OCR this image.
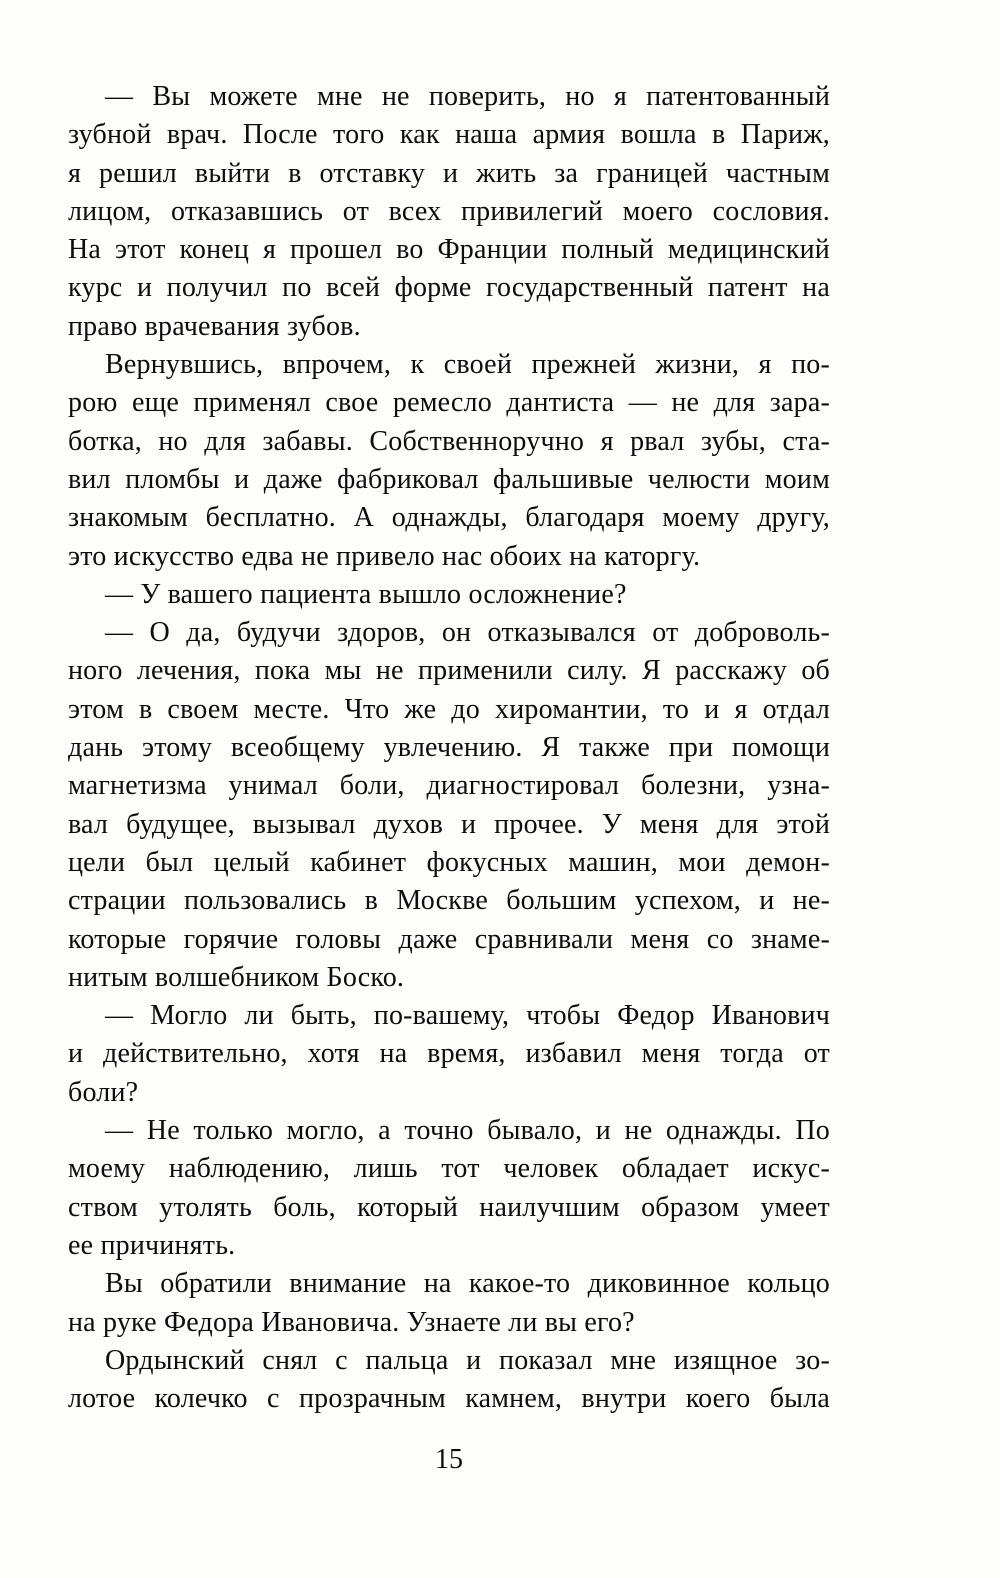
— Вы можете мне не поверить, но я патентованный
зубной врач. После того как наша армия вошла в Париж,
я решил выйти в отставку и жить за границей частным
лицом, отказавшись от всех привилегий моего сословия.
На этот конец я прошел во Франции полный медицинский
курс и получил по всей форме государственный патент на
право врачевания зубов.
Вернувшись, впрочем, к своей прежней жизни, я по-
рою еще применял свое ремесло дантиста — не для зара-
ботка, но для забавы. Собственноручно я рвал зубы, ста-
вил пломбы и даже фабриковал фальшивые челюсти моим
знакомым бесплатно. А однажды, благодаря моему другу,
это искусство едва не привело нас обоих на каторгу.
— У вашего пациента вышло осложнение?
— О да, будучи здоров, он отказывался от доброволь-
ного лечения, пока мы не применили силу. Я расскажу об
этом в своем месте. Что же до хиромантии, то и я отдал
дань этому всеобщему увлечению. Я также при помощи
магнетизма унимал боли, диагностировал болезни, узна-
вал будущее, вызывал духов и прочее. У меня для этой
цели был целый кабинет фокусных машин, мои демон-
страции пользовались в Москве большим успехом, и не-
которые горячие головы даже сравнивали меня со знаме-
нитым волшебником Боско.
— Могло ли быть, по-вашему, чтобы Федор Иванович
и действительно, хотя на время, избавил меня тогда от
боли?
— Не только могло, а точно бывало, и не однажды. По
моему наблюдению, лишь тот человек обладает искус-
ством утолять боль, который наилучшим образом умеет
ее причинять.
Вы обратили внимание на какое-то диковинное кольцо
на руке Федора Ивановича. Узнаете ли вы его?
Ордынский снял с пальца и показал мне изящное зо-
лотое колечко с прозрачным камнем, внутри коего была
15
